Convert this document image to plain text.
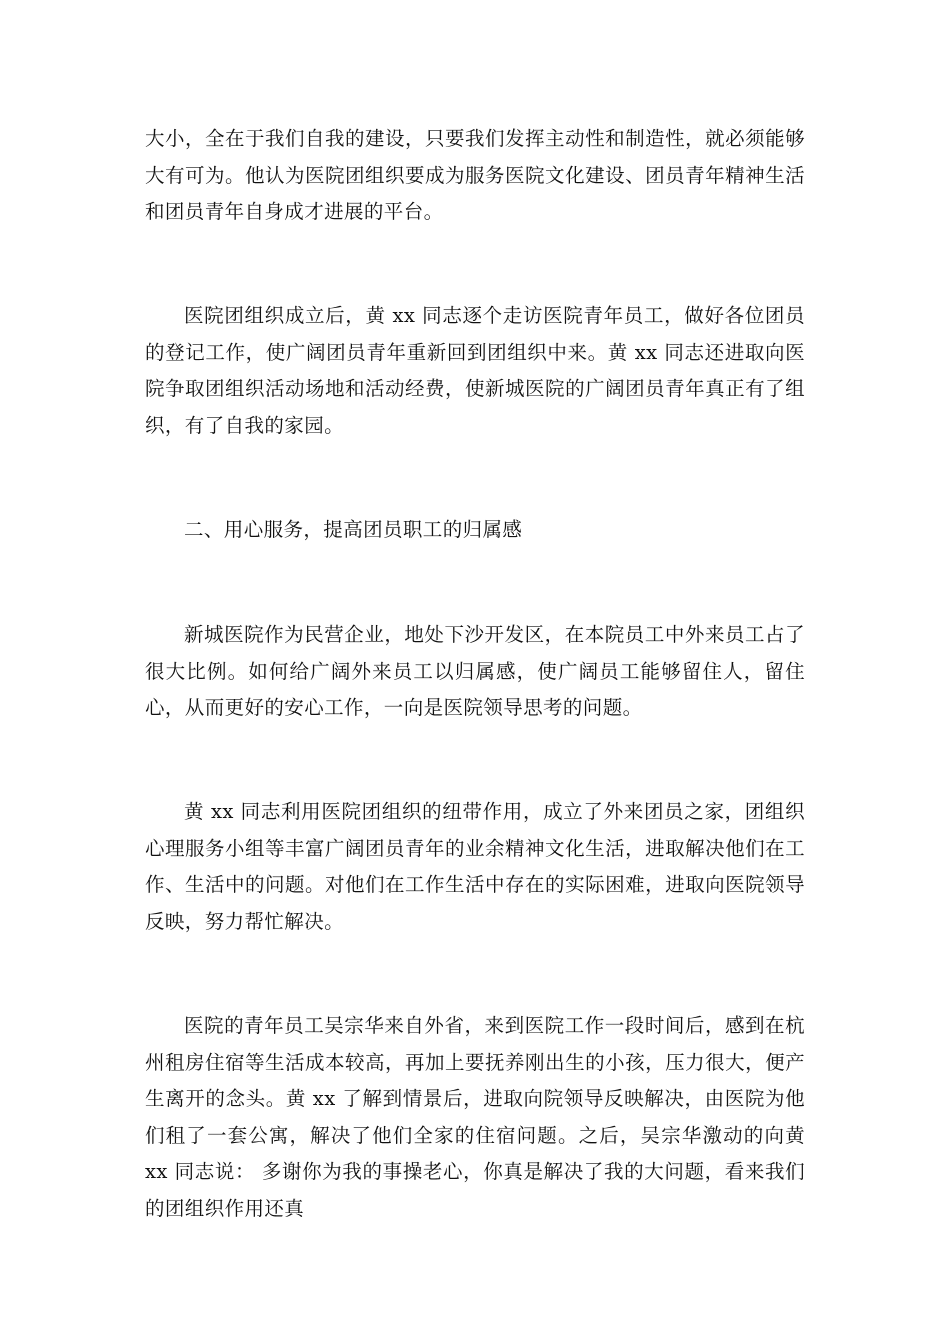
大小，全在于我们自我的建设，只要我们发挥主动性和制造性，就必须能够大有可为。他认为医院团组织要成为服务医院文化建设、团员青年精神生活和团员青年自身成才进展的平台。

医院团组织成立后，黄 xx 同志逐个走访医院青年员工，做好各位团员的登记工作，使广阔团员青年重新回到团组织中来。黄 xx 同志还进取向医院争取团组织活动场地和活动经费，使新城医院的广阔团员青年真正有了组织，有了自我的家园。

二、用心服务，提高团员职工的归属感

新城医院作为民营企业，地处下沙开发区，在本院员工中外来员工占了很大比例。如何给广阔外来员工以归属感，使广阔员工能够留住人，留住心，从而更好的安心工作，一向是医院领导思考的问题。

黄 xx 同志利用医院团组织的纽带作用，成立了外来团员之家，团组织心理服务小组等丰富广阔团员青年的业余精神文化生活，进取解决他们在工作、生活中的问题。对他们在工作生活中存在的实际困难，进取向医院领导反映，努力帮忙解决。

医院的青年员工吴宗华来自外省，来到医院工作一段时间后，感到在杭州租房住宿等生活成本较高，再加上要抚养刚出生的小孩，压力很大，便产生离开的念头。黄 xx 了解到情景后，进取向院领导反映解决，由医院为他们租了一套公寓，解决了他们全家的住宿问题。之后，吴宗华激动的向黄 xx 同志说： 多谢你为我的事操老心，你真是解决了我的大问题，看来我们的团组织作用还真
